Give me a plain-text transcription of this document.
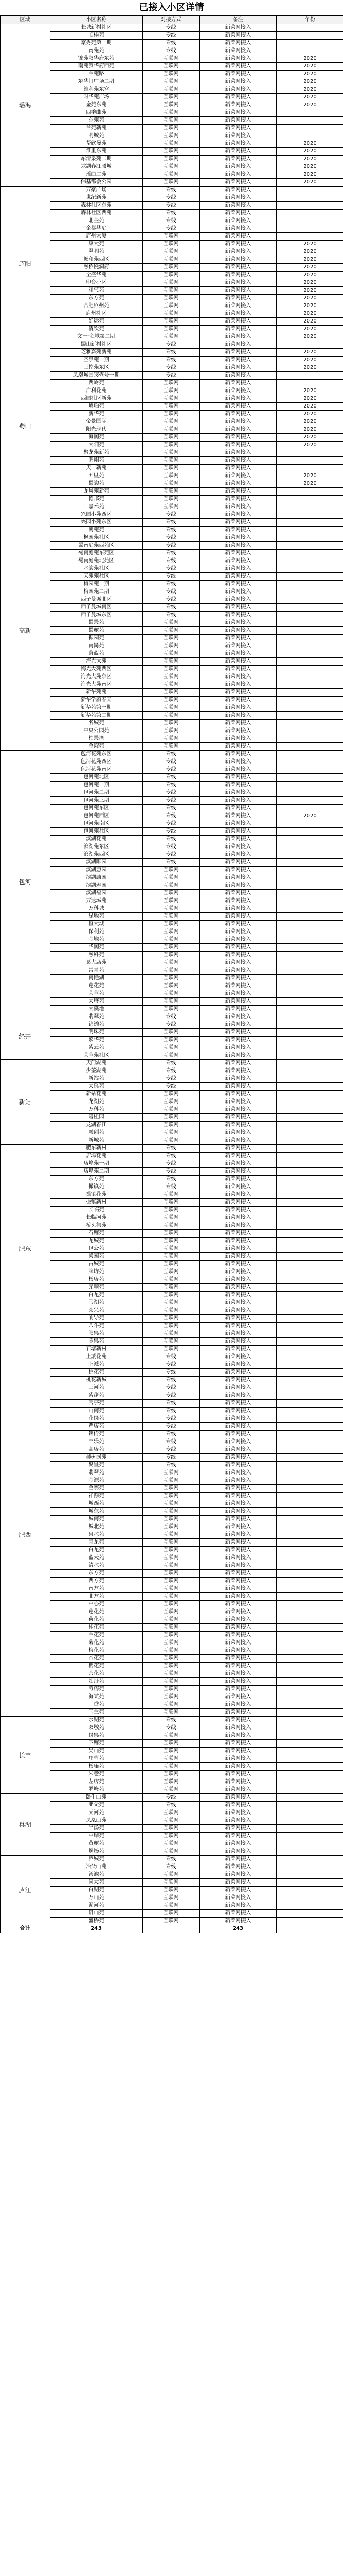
已接入小区详情
区域	小区名称	对接方式	备注	年份
瑶海	长城新村社区	专线	新菜网接入	
	临桂苑	专线	新菜网接入	
	豪秀苑第一期	专线	新菜网接入	
	南苑苑	专线	新菜网接入	
	锦苑叙华府东苑	互联网	新菜网接入	2020
	南苑叙华府西苑	互联网	新菜网接入	2020
	兰苑路	互联网	新菜网接入	2020
	东华门广场二期	互联网	新菜网接入	2020
	维利苑东宫	互联网	新菜网接入	2020
	时华苑广场	互联网	新菜网接入	2020
	金苑东苑	互联网	新菜网接入	2020
	四季曲苑	互联网	新菜网接入	
	东苑苑	互联网	新菜网接入	
	兰苑新苑	互联网	新菜网接入	
	明城苑	互联网	新菜网接入	
	帮欣曼苑	互联网	新菜网接入	2020
	淮里东苑	互联网	新菜网接入	2020
	东清泉苑二期	互联网	新菜网接入	2020
	龙湖春江曦城	互联网	新菜网接入	2020
	瑶曲二苑	互联网	新菜网接入	2020
	伟基都会公园	互联网	新菜网接入	2020
庐阳	万豪广场	专线	新菜网接入	
	世纪新苑	专线	新菜网接入	
	森林社区东苑	专线	新菜网接入	
	森林社区西苑	专线	新菜网接入	
	北金苑	专线	新菜网接入	
	金都华庭	专线	新菜网接入	
	庐州大厦	互联网	新菜网接入	
	康大苑	互联网	新菜网接入	2020
	翠明苑	互联网	新菜网接入	2020
	畅和苑西区	互联网	新菜网接入	2020
	融侨悦澜府	互联网	新菜网接入	2020
	全盛华苑	互联网	新菜网接入	2020
	印台小区	互联网	新菜网接入	2020
	和气苑	互联网	新菜网接入	2020
	东方苑	互联网	新菜网接入	2020
	合肥庐州苑	互联网	新菜网接入	2020
	庐州社区	互联网	新菜网接入	2020
	好运苑	互联网	新菜网接入	2020
	清欣苑	互联网	新菜网接入	2020
	文一·金域第二期	互联网	新菜网接入	2020
蜀山	蜀山新村社区	专线	新菜网接入	
	芝雅嘉苑新苑	专线	新菜网接入	2020
	圣泉苑一期	专线	新菜网接入	2020
	三控苑东区	专线	新菜网接入	2020
	凤凰城国宾壹号一期	专线	新菜网接入	
	西岭苑	互联网	新菜网接入	
	广利花苑	互联网	新菜网接入	2020
	西园社区新苑	互联网	新菜网接入	2020
	琥珀苑	互联网	新菜网接入	2020
	新华苑	互联网	新菜网接入	2020
	帝景国际	互联网	新菜网接入	2020
	阳光现代	互联网	新菜网接入	2020
	海润苑	互联网	新菜网接入	2020
	大阳苑	互联网	新菜网接入	2020
	聚龙苑新苑	互联网	新菜网接入	
	鹏翔苑	互联网	新菜网接入	
	天一新苑	互联网	新菜网接入	
	五里苑	互联网	新菜网接入	2020
	蜀韵苑	互联网	新菜网接入	2020
	龙风苑新苑	互联网	新菜网接入	
	德邦苑	互联网	新菜网接入	
	嘉禾苑	互联网	新菜网接入	
高新	兴园小苑西区	专线	新菜网接入	
	兴园小苑东区	专线	新菜网接入	
	鸿苑苑	专线	新菜网接入	
	枫园苑社区	专线	新菜网接入	
	蜀南庭苑西苑区	专线	新菜网接入	
	蜀南庭苑东苑区	专线	新菜网接入	
	蜀南庭苑北苑区	专线	新菜网接入	
	水韵苑社区	专线	新菜网接入	
	天苑苑社区	专线	新菜网接入	
	梅园苑一期	专线	新菜网接入	
	梅园苑二期	专线	新菜网接入	
	西子曼城北区	专线	新菜网接入	
	西子曼城南区	专线	新菜网接入	
	西子曼城东区	专线	新菜网接入	
	蜀景苑	互联网	新菜网接入	
	蜀麓苑	互联网	新菜网接入	
	振园苑	互联网	新菜网接入	
	南岗苑	互联网	新菜网接入	
	蔚蓝苑	互联网	新菜网接入	
	海光大苑	互联网	新菜网接入	
	海光大苑西区	互联网	新菜网接入	
	海光大苑东区	互联网	新菜网接入	
	海光大苑南区	互联网	新菜网接入	
	新华苑苑	互联网	新菜网接入	
	新华学府春天	互联网	新菜网接入	
	新华苑第一期	互联网	新菜网接入	
	新华苑第二期	互联网	新菜网接入	
	名城苑	互联网	新菜网接入	
	中央公园苑	互联网	新菜网接入	
	柏景湾	互联网	新菜网接入	
	金湾苑	互联网	新菜网接入	
包河	包河花苑东区	专线	新菜网接入	
	包河花苑西区	专线	新菜网接入	
	包河花苑南区	专线	新菜网接入	
	包河苑北区	专线	新菜网接入	
	包河苑一期	专线	新菜网接入	
	包河苑二期	专线	新菜网接入	
	包河苑三期	专线	新菜网接入	
	包河苑东区	专线	新菜网接入	
	包河苑西区	专线	新菜网接入	2020
	包河苑南区	专线	新菜网接入	
	包河苑社区	专线	新菜网接入	
	滨湖花苑	专线	新菜网接入	
	滨湖苑东区	专线	新菜网接入	
	滨湖苑西区	专线	新菜网接入	
	滨湖顺园	专线	新菜网接入	
	滨湖惠园	互联网	新菜网接入	
	滨湖康园	互联网	新菜网接入	
	滨湖寿园	互联网	新菜网接入	
	滨湖福园	互联网	新菜网接入	
	万达城苑	互联网	新菜网接入	
	万科城	互联网	新菜网接入	
	绿地苑	互联网	新菜网接入	
	恒大城	互联网	新菜网接入	
	保利苑	互联网	新菜网接入	
	金地苑	互联网	新菜网接入	
	华润苑	互联网	新菜网接入	
	融科苑	互联网	新菜网接入	
	葛大店苑	互联网	新菜网接入	
	常青苑	互联网	新菜网接入	
	南艳湖	互联网	新菜网接入	
	莲花苑	互联网	新菜网接入	
	芙蓉苑	互联网	新菜网接入	
	大唐苑	互联网	新菜网接入	
	大溪地	互联网	新菜网接入	
经开	翡翠苑	专线	新菜网接入	
	锦绣苑	专线	新菜网接入	
	明珠苑	互联网	新菜网接入	
	繁华苑	互联网	新菜网接入	
	紫云苑	互联网	新菜网接入	
	芙蓉苑社区	互联网	新菜网接入	
新站	天门湖苑	专线	新菜网接入	
	少荃湖苑	专线	新菜网接入	
	新站苑	专线	新菜网接入	
	大禹苑	专线	新菜网接入	
	新站花苑	互联网	新菜网接入	
	龙湖苑	互联网	新菜网接入	
	万科苑	互联网	新菜网接入	
	碧桂园	互联网	新菜网接入	
	龙湖春江	互联网	新菜网接入	
	融创苑	互联网	新菜网接入	
	新城苑	互联网	新菜网接入	
肥东	肥东新村	专线	新菜网接入	
	店埠花苑	专线	新菜网接入	
	店埠苑一期	专线	新菜网接入	
	店埠苑二期	专线	新菜网接入	
	东方苑	专线	新菜网接入	
	撮镇苑	专线	新菜网接入	
	撮镇花苑	互联网	新菜网接入	
	撮镇新村	互联网	新菜网接入	
	长临苑	互联网	新菜网接入	
	长临河苑	互联网	新菜网接入	
	桥头集苑	互联网	新菜网接入	
	石塘苑	互联网	新菜网接入	
	龙城苑	互联网	新菜网接入	
	包公苑	互联网	新菜网接入	
	梁园苑	互联网	新菜网接入	
	古城苑	互联网	新菜网接入	
	牌坊苑	互联网	新菜网接入	
	杨店苑	互联网	新菜网接入	
	元疃苑	互联网	新菜网接入	
	白龙苑	互联网	新菜网接入	
	马湖苑	互联网	新菜网接入	
	众兴苑	互联网	新菜网接入	
	响导苑	互联网	新菜网接入	
	八斗苑	互联网	新菜网接入	
	张集苑	互联网	新菜网接入	
	陈集苑	互联网	新菜网接入	
	石塘新村	互联网	新菜网接入	
肥西	上派花苑	专线	新菜网接入	
	上派苑	专线	新菜网接入	
	桃花苑	专线	新菜网接入	
	桃花新城	专线	新菜网接入	
	三河苑	专线	新菜网接入	
	紫蓬苑	专线	新菜网接入	
	官亭苑	专线	新菜网接入	
	山南苑	专线	新菜网接入	
	花岗苑	专线	新菜网接入	
	严店苑	专线	新菜网接入	
	铭传苑	专线	新菜网接入	
	丰乐苑	专线	新菜网接入	
	高店苑	专线	新菜网接入	
	柿树岗苑	专线	新菜网接入	
	聚星苑	专线	新菜网接入	
	翡翠苑	互联网	新菜网接入	
	金源苑	互联网	新菜网接入	
	金寨苑	互联网	新菜网接入	
	祥源苑	互联网	新菜网接入	
	城西苑	互联网	新菜网接入	
	城东苑	互联网	新菜网接入	
	城南苑	互联网	新菜网接入	
	城北苑	互联网	新菜网接入	
	泉水苑	互联网	新菜网接入	
	青龙苑	互联网	新菜网接入	
	白龙苑	互联网	新菜网接入	
	蓝天苑	互联网	新菜网接入	
	清水苑	互联网	新菜网接入	
	东方苑	互联网	新菜网接入	
	西方苑	互联网	新菜网接入	
	南方苑	互联网	新菜网接入	
	北方苑	互联网	新菜网接入	
	中心苑	互联网	新菜网接入	
	莲花苑	互联网	新菜网接入	
	荷花苑	互联网	新菜网接入	
	桂花苑	互联网	新菜网接入	
	兰花苑	互联网	新菜网接入	
	菊花苑	互联网	新菜网接入	
	梅花苑	互联网	新菜网接入	
	杏花苑	互联网	新菜网接入	
	樱花苑	互联网	新菜网接入	
	茶花苑	互联网	新菜网接入	
	牡丹苑	互联网	新菜网接入	
	芍药苑	互联网	新菜网接入	
	海棠苑	互联网	新菜网接入	
	丁香苑	互联网	新菜网接入	
	玉兰苑	互联网	新菜网接入	
长丰	水湖苑	专线	新菜网接入	
	双墩苑	专线	新菜网接入	
	岗集苑	互联网	新菜网接入	
	下塘苑	互联网	新菜网接入	
	吴山苑	互联网	新菜网接入	
	庄墓苑	互联网	新菜网接入	
	杨庙苑	互联网	新菜网接入	
	朱巷苑	互联网	新菜网接入	
	左店苑	互联网	新菜网接入	
	罗塘苑	互联网	新菜网接入	
巢湖	卧牛山苑	专线	新菜网接入	
	亚父苑	专线	新菜网接入	
	天河苑	互联网	新菜网接入	
	凤凰山苑	互联网	新菜网接入	
	半汤苑	互联网	新菜网接入	
	中垾苑	互联网	新菜网接入	
	黄麓苑	互联网	新菜网接入	
	烔炀苑	互联网	新菜网接入	
庐江	庐城苑	专线	新菜网接入	
	冶父山苑	专线	新菜网接入	
	汤池苑	互联网	新菜网接入	
	同大苑	互联网	新菜网接入	
	白湖苑	互联网	新菜网接入	
	万山苑	互联网	新菜网接入	
	泥河苑	互联网	新菜网接入	
	矾山苑	互联网	新菜网接入	
	盛桥苑	互联网	新菜网接入	
合计	243		243	
